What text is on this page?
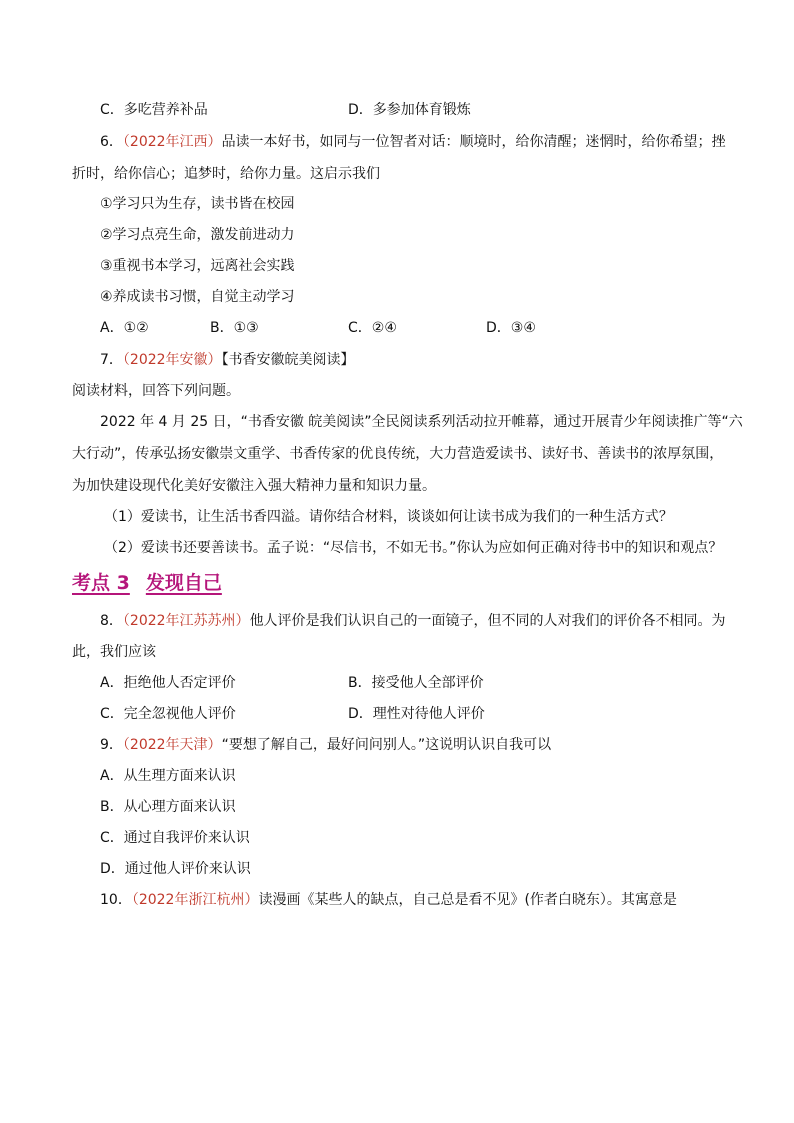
C．多吃营养补品	D．多参加体育锻炼
6．（2022年江西）品读一本好书，如同与一位智者对话：顺境时，给你清醒；迷惘时，给你希望；挫
折时，给你信心；追梦时，给你力量。这启示我们
①学习只为生存，读书皆在校园
②学习点亮生命，激发前进动力
③重视书本学习，远离社会实践
④养成读书习惯，自觉主动学习
A．①②	B．①③	C．②④	D．③④
7．（2022年安徽）【书香安徽皖美阅读】
阅读材料，回答下列问题。
2022 年 4 月 25 日，“书香安徽 皖美阅读”全民阅读系列活动拉开帷幕，通过开展青少年阅读推广等“六
大行动”，传承弘扬安徽崇文重学、书香传家的优良传统，大力营造爱读书、读好书、善读书的浓厚氛围，
为加快建设现代化美好安徽注入强大精神力量和知识力量。
（1）爱读书，让生活书香四溢。请你结合材料，谈谈如何让读书成为我们的一种生活方式？
（2）爱读书还要善读书。孟子说：“尽信书，不如无书。”你认为应如何正确对待书中的知识和观点？
考点 3 发现自己
8．（2022年江苏苏州）他人评价是我们认识自己的一面镜子，但不同的人对我们的评价各不相同。为
此，我们应该
A．拒绝他人否定评价	B．接受他人全部评价
C．完全忽视他人评价	D．理性对待他人评价
9．（2022年天津）“要想了解自己，最好问问别人。”这说明认识自我可以
A．从生理方面来认识
B．从心理方面来认识
C．通过自我评价来认识
D．通过他人评价来认识
10．（2022年浙江杭州）读漫画《某些人的缺点，自己总是看不见》(作者白晓东）。其寓意是
